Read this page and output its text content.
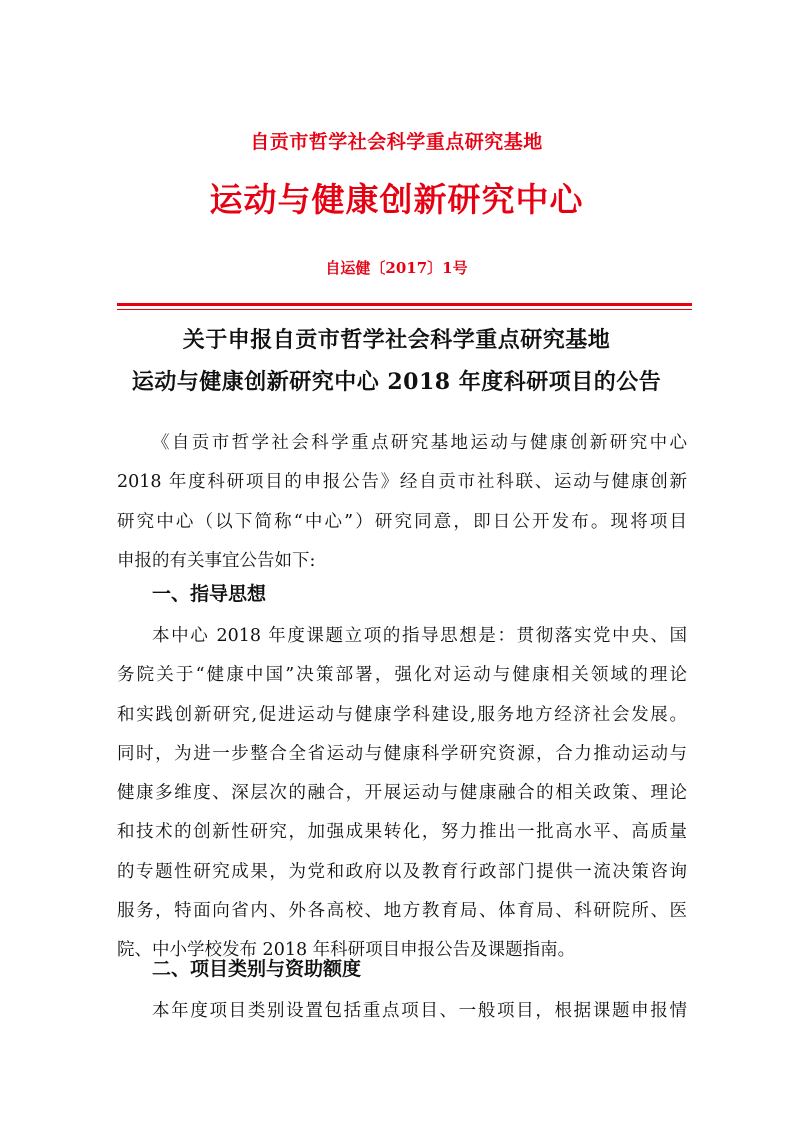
自贡市哲学社会科学重点研究基地
运动与健康创新研究中心
自运健〔2017〕1号
关于申报自贡市哲学社会科学重点研究基地
运动与健康创新研究中心 2018 年度科研项目的公告
《自贡市哲学社会科学重点研究基地运动与健康创新研究中心
2018 年度科研项目的申报公告》经自贡市社科联、运动与健康创新
研究中心（以下简称“中心”）研究同意，即日公开发布。现将项目
申报的有关事宜公告如下:
一、指导思想
本中心 2018 年度课题立项的指导思想是：贯彻落实党中央、国
务院关于“健康中国”决策部署，强化对运动与健康相关领域的理论
和实践创新研究,促进运动与健康学科建设,服务地方经济社会发展。
同时，为进一步整合全省运动与健康科学研究资源，合力推动运动与
健康多维度、深层次的融合，开展运动与健康融合的相关政策、理论
和技术的创新性研究，加强成果转化，努力推出一批高水平、高质量
的专题性研究成果，为党和政府以及教育行政部门提供一流决策咨询
服务，特面向省内、外各高校、地方教育局、体育局、科研院所、医
院、中小学校发布 2018 年科研项目申报公告及课题指南。
二、项目类别与资助额度
本年度项目类别设置包括重点项目、一般项目，根据课题申报情
